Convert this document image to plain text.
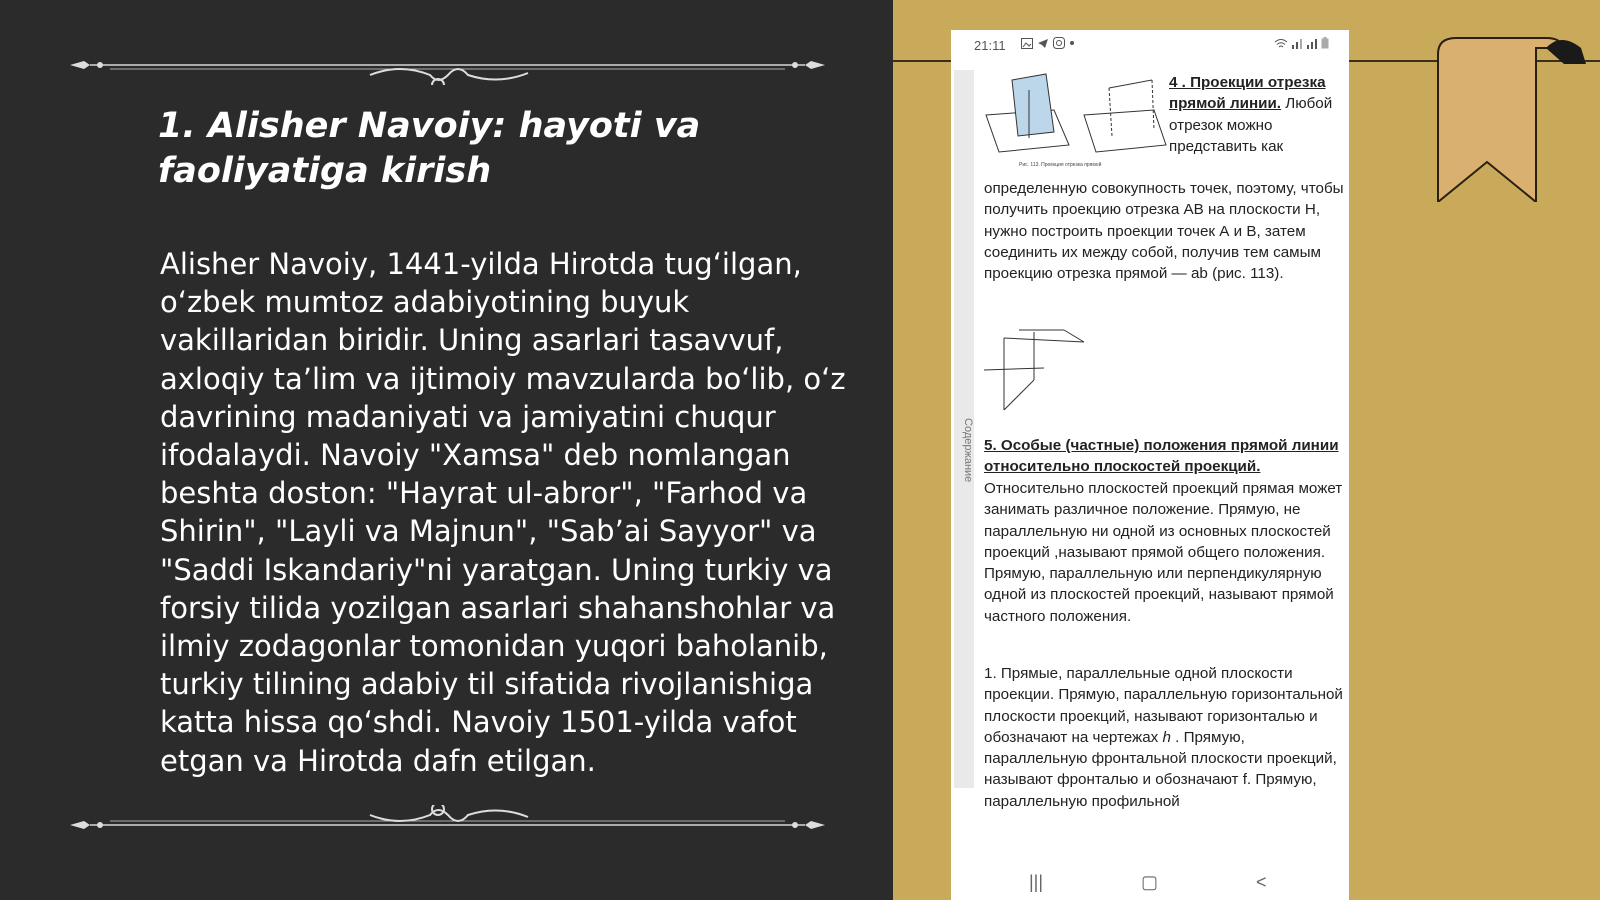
1. Alisher Navoiy: hayoti va faoliyatiga kirish
Alisher Navoiy, 1441-yilda Hirotda tug‘ilgan, o‘zbek mumtoz adabiyotining buyuk vakillaridan biridir. Uning asarlari tasavvuf, axloqiy ta’lim va ijtimoiy mavzularda bo‘lib, o‘z davrining madaniyati va jamiyatini chuqur ifodalaydi. Navoiy "Xamsa" deb nomlangan beshta doston: "Hayrat ul-abror", "Farhod va Shirin", "Layli va Majnun", "Sab’ai Sayyor" va "Saddi Iskandariy"ni yaratgan. Uning turkiy va forsiy tilida yozilgan asarlari shahanshohlar va ilmiy zodagonlar tomonidan yuqori baholanib, turkiy tilining adabiy til sifatida rivojlanishiga katta hissa qo‘shdi. Navoiy 1501-yilda vafot etgan va Hirotda dafn etilgan.
21:11
Содержание
Рис. 113. Проекция отрезка прямой
4 . Проекции отрезка прямой линии. Любой отрезок можно представить как
определенную совокупность точек, поэтому, чтобы получить проекцию отрезка АВ на плоскости Н, нужно построить проекции точек А и В, затем соединить их между собой, получив тем самым проекцию отрезка прямой — ab (рис. 113).
5. Особые (частные) положения прямой линии относительно плоскостей проекций.
Относительно плоскостей проекций прямая может занимать различное положение. Прямую, не параллельную ни одной из основных плоскостей проекций ,называют прямой общего положения. Прямую, параллельную или перпендикулярную одной из плоскостей проекций, называют прямой частного положения.
1. Прямые, параллельные одной плоскости проекции. Прямую, параллельную горизонтальной плоскости проекций, называют горизонталью и обозначают на чертежах h . Прямую, параллельную фронтальной плоскости проекций, называют фронталью и обозначают f. Прямую, параллельную профильной
|||	▢	<
